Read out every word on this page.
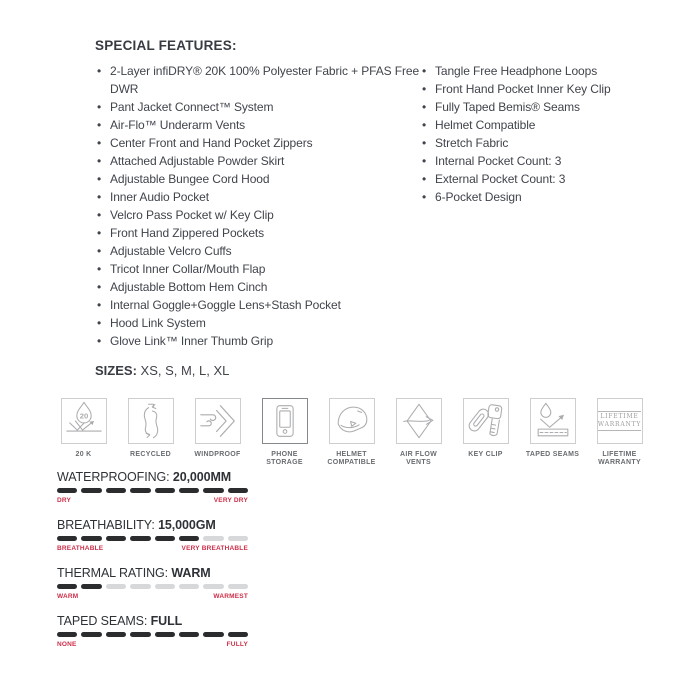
SPECIAL FEATURES:
• 2-Layer infiDRY® 20K 100% Polyester Fabric + PFAS Free DWR
• Pant Jacket Connect™ System
• Air-Flo™ Underarm Vents
• Center Front and Hand Pocket Zippers
• Attached Adjustable Powder Skirt
• Adjustable Bungee Cord Hood
• Inner Audio Pocket
• Velcro Pass Pocket w/ Key Clip
• Front Hand Zippered Pockets
• Adjustable Velcro Cuffs
• Tricot Inner Collar/Mouth Flap
• Adjustable Bottom Hem Cinch
• Internal Goggle+Goggle Lens+Stash Pocket
• Hood Link System
• Glove Link™ Inner Thumb Grip
• Tangle Free Headphone Loops
• Front Hand Pocket Inner Key Clip
• Fully Taped Bemis® Seams
• Helmet Compatible
• Stretch Fabric
• Internal Pocket Count: 3
• External Pocket Count: 3
• 6-Pocket Design
SIZES: XS, S, M, L, XL
20
20 K	RECYCLED	WINDPROOF	PHONE STORAGE
HELMET COMPATIBLE
AIR FLOW VENTS
KEY CLIP	TAPED SEAMS
LIFETIME
WARRANTY
LIFETIME WARRANTY
WATERPROOFING: 20,000MM
DRY	VERY DRY
BREATHABILITY: 15,000GM
BREATHABLE	VERY BREATHABLE
THERMAL RATING: WARM
WARM	WARMEST
TAPED SEAMS: FULL
NONE	FULLY
